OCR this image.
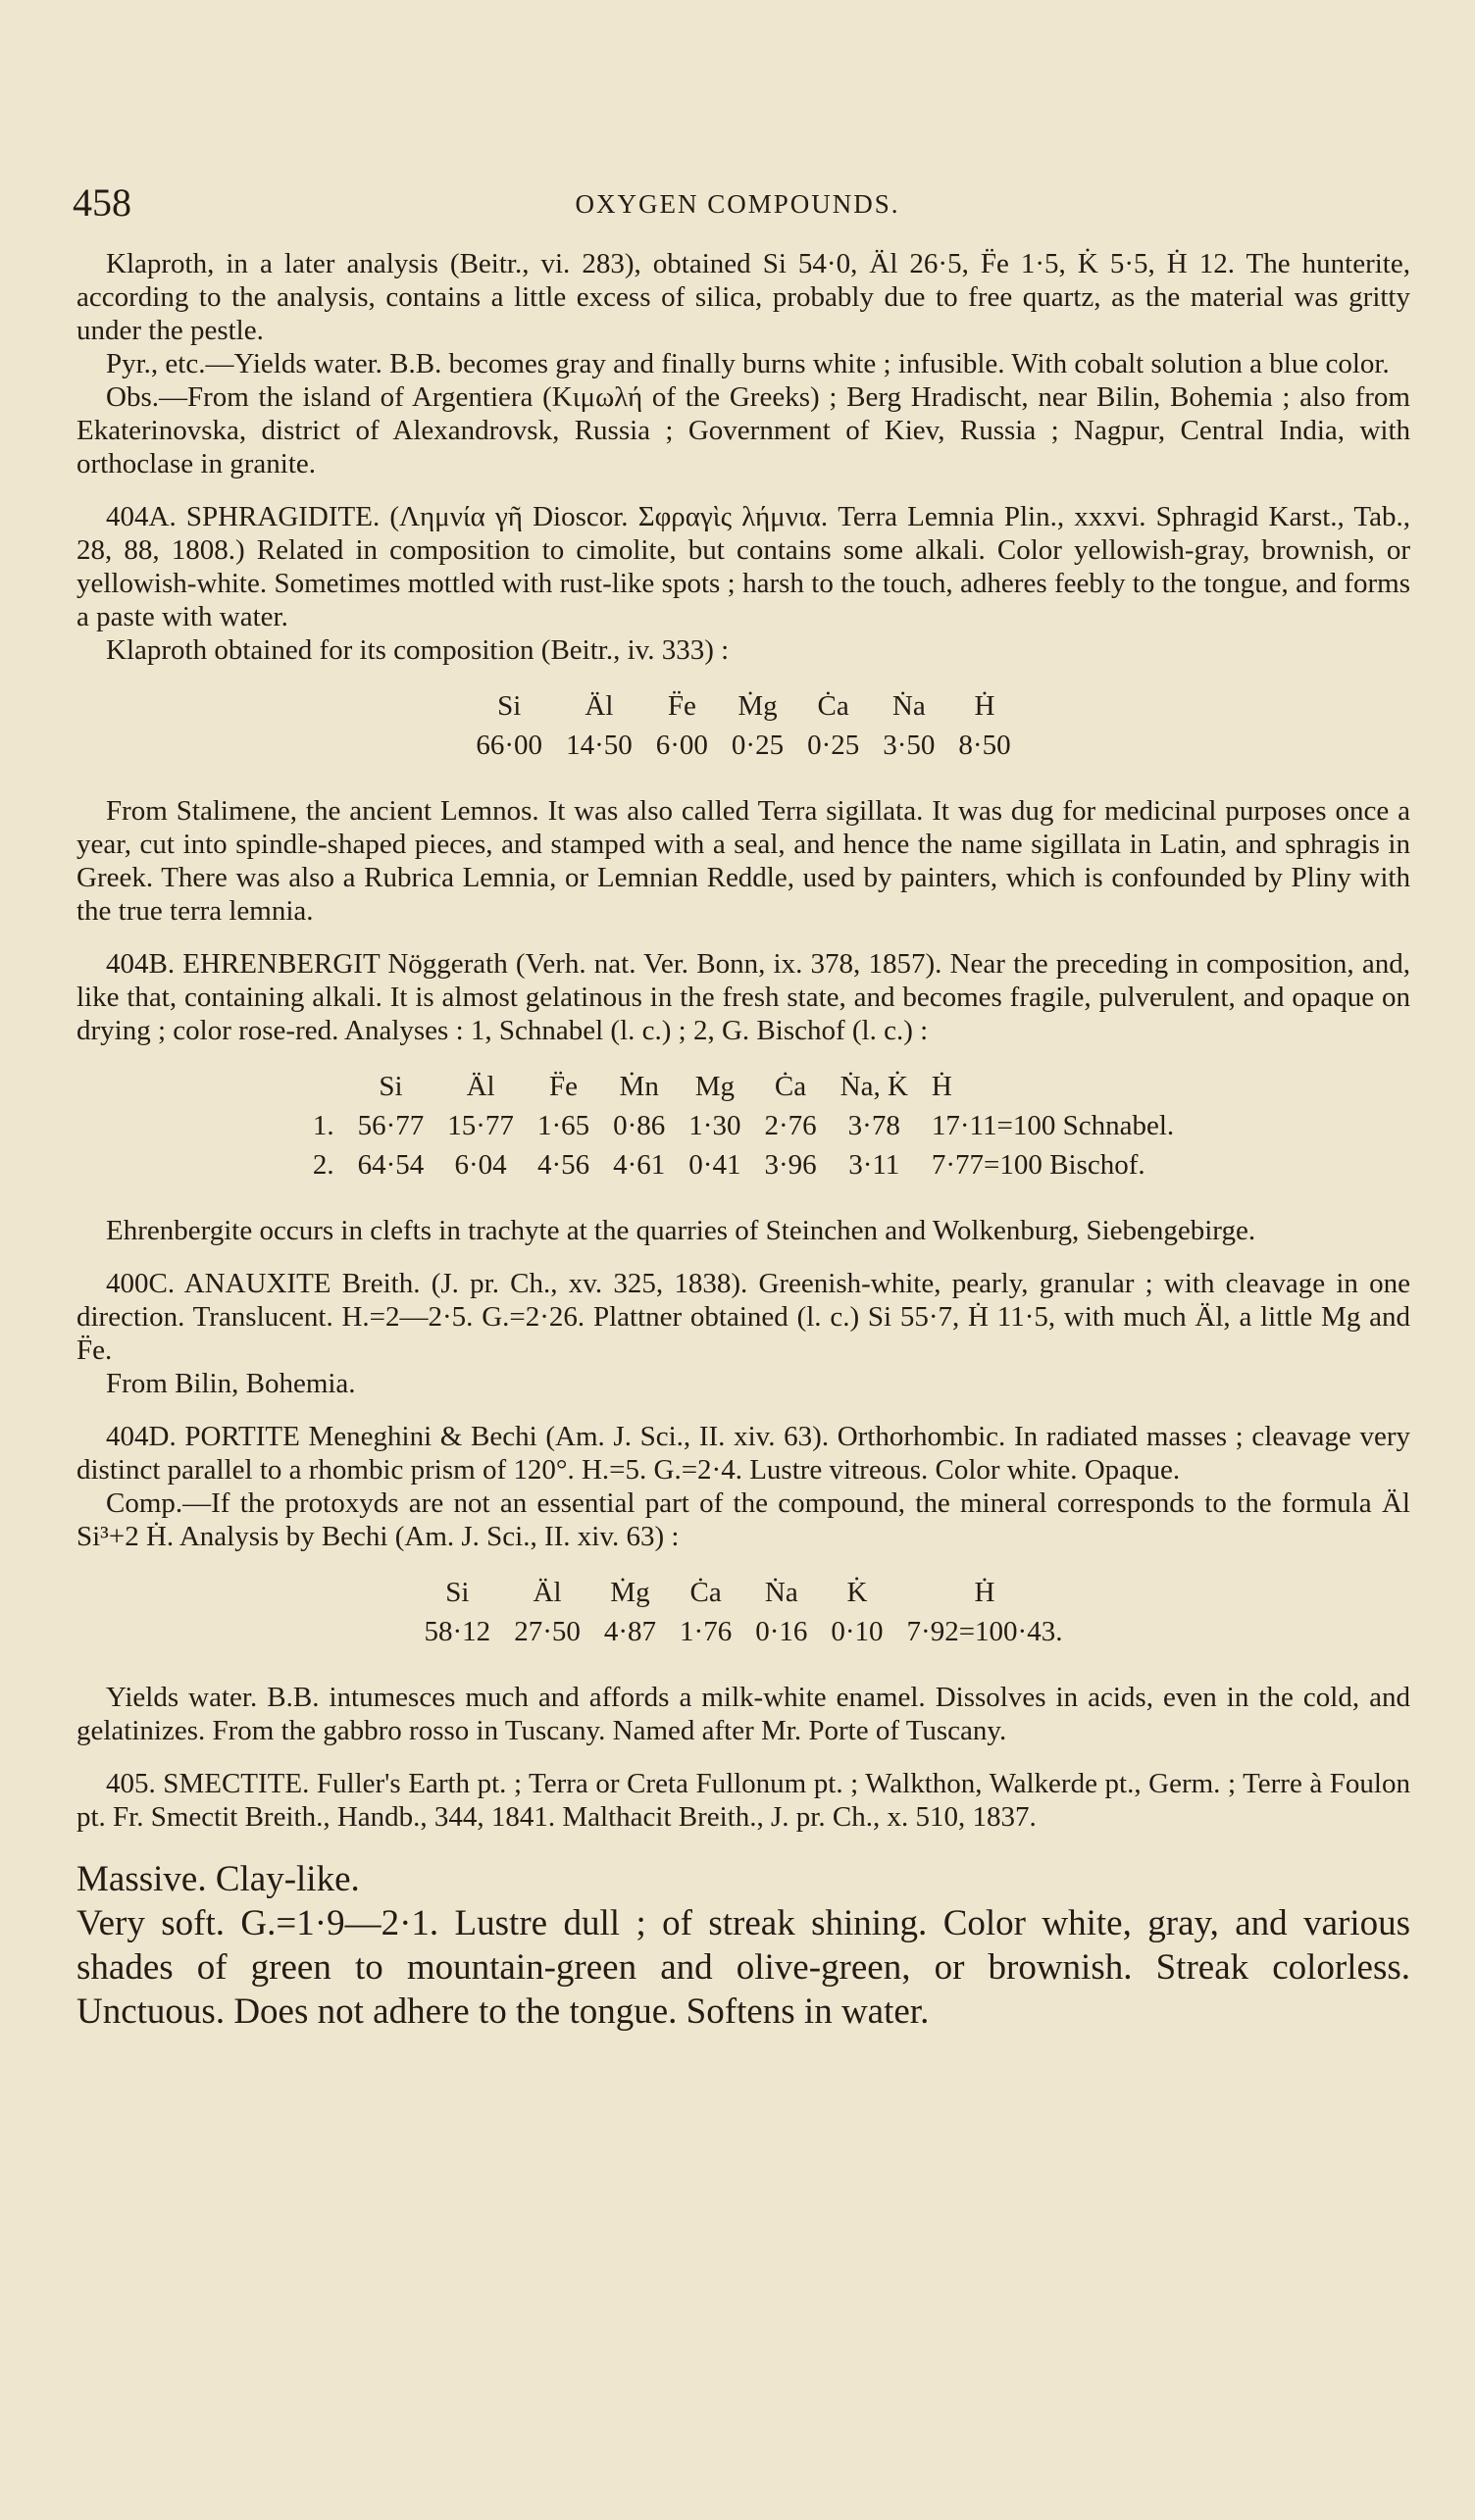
458	OXYGEN COMPOUNDS.

Klaproth, in a later analysis (Beitr., vi. 283), obtained Si 54·0, Äl 26·5, F̈e 1·5, K̇ 5·5, Ḣ 12. The hunterite, according to the analysis, contains a little excess of silica, probably due to free quartz, as the material was gritty under the pestle.

Pyr., etc.—Yields water. B.B. becomes gray and finally burns white ; infusible. With cobalt solution a blue color.

Obs.—From the island of Argentiera (Κιμωλή of the Greeks) ; Berg Hradischt, near Bilin, Bohemia ; also from Ekaterinovska, district of Alexandrovsk, Russia ; Government of Kiev, Russia ; Nagpur, Central India, with orthoclase in granite.

404A. SPHRAGIDITE. (Λημνία γῆ Dioscor. Σφραγὶς λήμνια. Terra Lemnia Plin., xxxvi. Sphragid Karst., Tab., 28, 88, 1808.) Related in composition to cimolite, but contains some alkali. Color yellowish-gray, brownish, or yellowish-white. Sometimes mottled with rust-like spots ; harsh to the touch, adheres feebly to the tongue, and forms a paste with water.

Klaproth obtained for its composition (Beitr., iv. 333) :

Si	Äl	F̈e	Ṁg	Ċa	Ṅa	Ḣ
66·00	14·50	6·00	0·25	0·25	3·50	8·50

From Stalimene, the ancient Lemnos. It was also called Terra sigillata. It was dug for medicinal purposes once a year, cut into spindle-shaped pieces, and stamped with a seal, and hence the name sigillata in Latin, and sphragis in Greek. There was also a Rubrica Lemnia, or Lemnian Reddle, used by painters, which is confounded by Pliny with the true terra lemnia.

404B. EHRENBERGIT Nöggerath (Verh. nat. Ver. Bonn, ix. 378, 1857). Near the preceding in composition, and, like that, containing alkali. It is almost gelatinous in the fresh state, and becomes fragile, pulverulent, and opaque on drying ; color rose-red. Analyses : 1, Schnabel (l. c.) ; 2, G. Bischof (l. c.) :

	Si	Äl	F̈e	Ṁn	Mg	Ċa	Ṅa, K̇	Ḣ
1.	56·77	15·77	1·65	0·86	1·30	2·76	3·78	17·11=100 Schnabel.
2.	64·54	6·04	4·56	4·61	0·41	3·96	3·11	7·77=100 Bischof.

Ehrenbergite occurs in clefts in trachyte at the quarries of Steinchen and Wolkenburg, Siebengebirge.

400C. ANAUXITE Breith. (J. pr. Ch., xv. 325, 1838). Greenish-white, pearly, granular ; with cleavage in one direction. Translucent. H.=2—2·5. G.=2·26. Plattner obtained (l. c.) Si 55·7, Ḣ 11·5, with much Äl, a little Mg and F̈e.

From Bilin, Bohemia.

404D. PORTITE Meneghini & Bechi (Am. J. Sci., II. xiv. 63). Orthorhombic. In radiated masses ; cleavage very distinct parallel to a rhombic prism of 120°. H.=5. G.=2·4. Lustre vitreous. Color white. Opaque.

Comp.—If the protoxyds are not an essential part of the compound, the mineral corresponds to the formula Äl Si³+2 Ḣ. Analysis by Bechi (Am. J. Sci., II. xiv. 63) :

Si	Äl	Ṁg	Ċa	Ṅa	K̇	Ḣ
58·12	27·50	4·87	1·76	0·16	0·10	7·92=100·43.

Yields water. B.B. intumesces much and affords a milk-white enamel. Dissolves in acids, even in the cold, and gelatinizes. From the gabbro rosso in Tuscany. Named after Mr. Porte of Tuscany.

405. SMECTITE. Fuller's Earth pt. ; Terra or Creta Fullonum pt. ; Walkthon, Walkerde pt., Germ. ; Terre à Foulon pt. Fr. Smectit Breith., Handb., 344, 1841. Malthacit Breith., J. pr. Ch., x. 510, 1837.

Massive. Clay-like.

Very soft. G.=1·9—2·1. Lustre dull ; of streak shining. Color white, gray, and various shades of green to mountain-green and olive-green, or brownish. Streak colorless. Unctuous. Does not adhere to the tongue. Softens in water.
